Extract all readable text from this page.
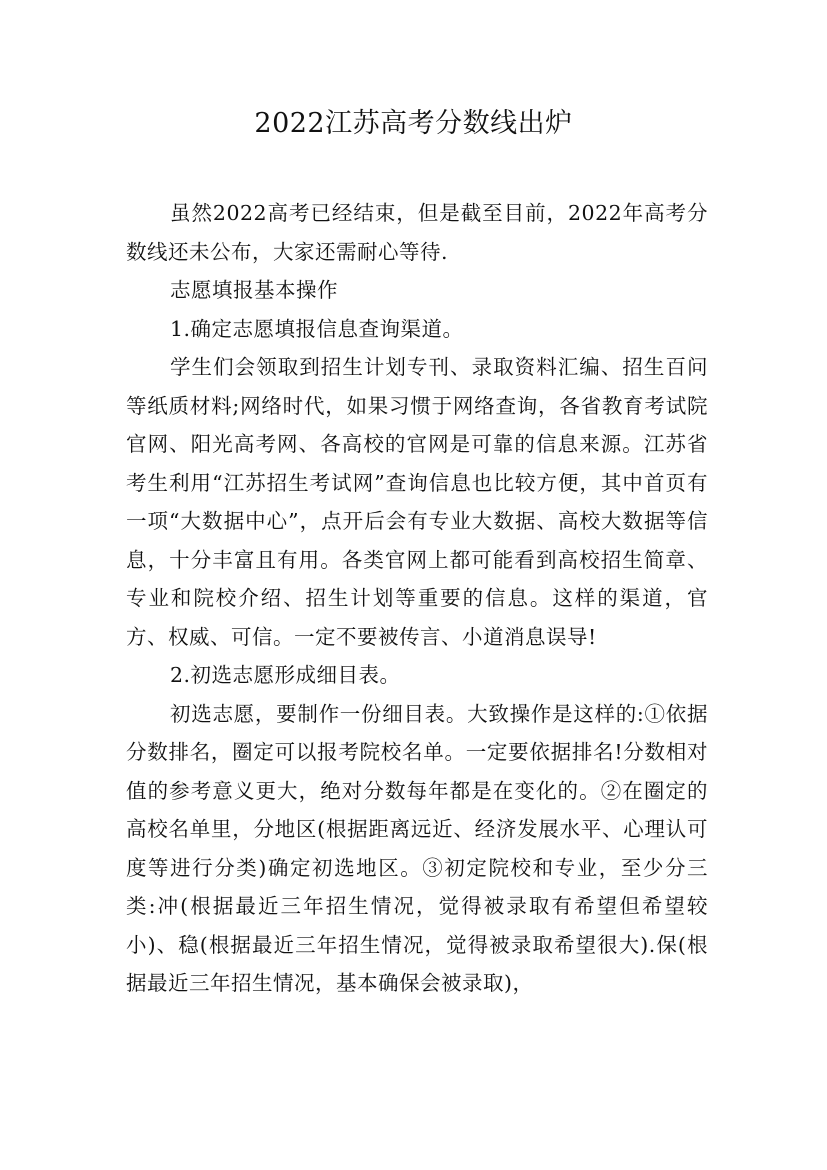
2022江苏高考分数线出炉

虽然2022高考已经结束，但是截至目前，2022年高考分数线还未公布，大家还需耐心等待.

志愿填报基本操作

1.确定志愿填报信息查询渠道。

学生们会领取到招生计划专刊、录取资料汇编、招生百问等纸质材料;网络时代，如果习惯于网络查询，各省教育考试院官网、阳光高考网、各高校的官网是可靠的信息来源。江苏省考生利用“江苏招生考试网”查询信息也比较方便，其中首页有一项“大数据中心”，点开后会有专业大数据、高校大数据等信息，十分丰富且有用。各类官网上都可能看到高校招生简章、专业和院校介绍、招生计划等重要的信息。这样的渠道，官方、权威、可信。一定不要被传言、小道消息误导!

2.初选志愿形成细目表。

初选志愿，要制作一份细目表。大致操作是这样的:①依据分数排名，圈定可以报考院校名单。一定要依据排名!分数相对值的参考意义更大，绝对分数每年都是在变化的。②在圈定的高校名单里，分地区(根据距离远近、经济发展水平、心理认可度等进行分类)确定初选地区。③初定院校和专业，至少分三类:冲(根据最近三年招生情况，觉得被录取有希望但希望较小)、稳(根据最近三年招生情况，觉得被录取希望很大).保(根据最近三年招生情况，基本确保会被录取)，
